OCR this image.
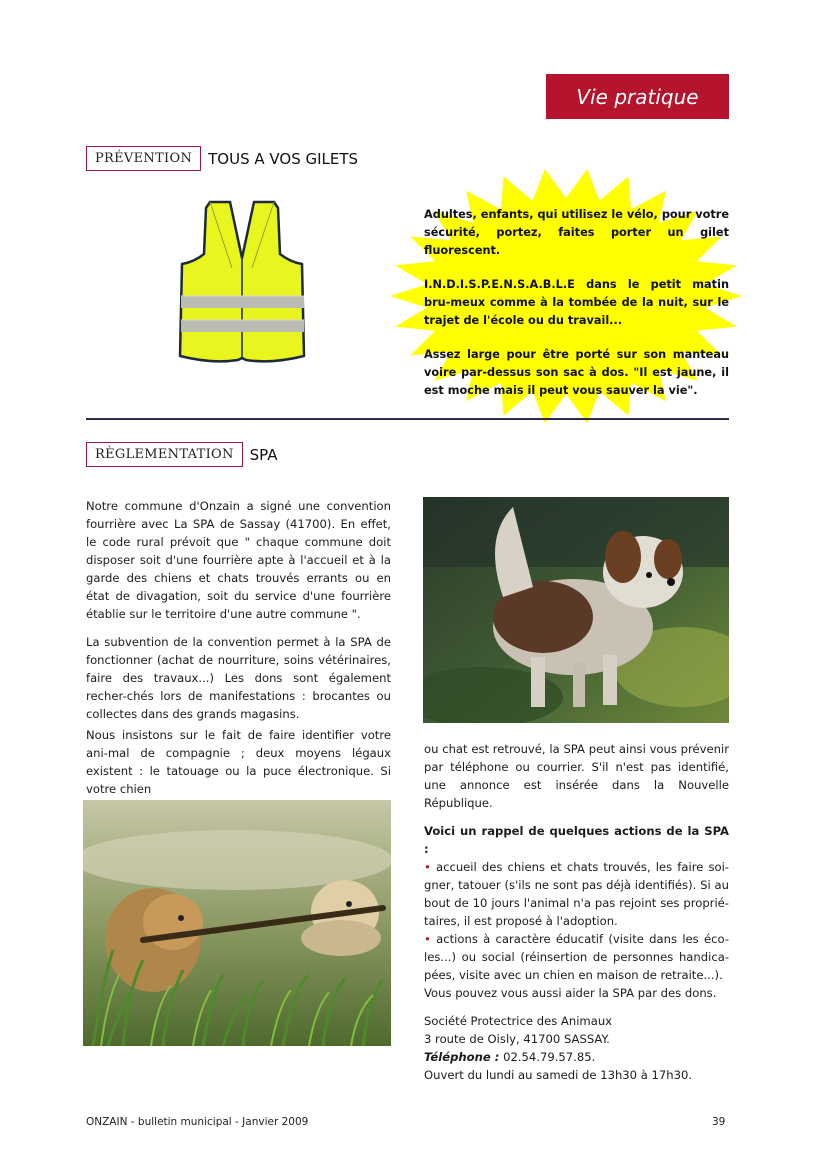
Vie pratique
PRÉVENTION	TOUS A VOS GILETS

Adultes, enfants, qui utilisez le vélo, pour votre sécurité, portez, faites porter un gilet fluorescent.

I.N.D.I.S.P.E.N.S.A.B.L.E dans le petit matin bru-meux comme à la tombée de la nuit, sur le trajet de l'école ou du travail...

Assez large pour être porté sur son manteau voire par-dessus son sac à dos. "Il est jaune, il est moche mais il peut vous sauver la vie".

RÈGLEMENTATION	SPA

Notre commune d'Onzain a signé une convention fourrière avec La SPA de Sassay (41700). En effet, le code rural prévoit que " chaque commune doit disposer soit d'une fourrière apte à l'accueil et à la garde des chiens et chats trouvés errants ou en état de divagation, soit du service d'une fourrière établie sur le territoire d'une autre commune ".

La subvention de la convention permet à la SPA de fonctionner (achat de nourriture, soins vétérinaires, faire des travaux...) Les dons sont également recher-chés lors de manifestations : brocantes ou collectes dans des grands magasins.

Nous insistons sur le fait de faire identifier votre ani-mal de compagnie ; deux moyens légaux existent : le tatouage ou la puce électronique. Si votre chien

ou chat est retrouvé, la SPA peut ainsi vous prévenir par téléphone ou courrier. S'il n'est pas identifié, une annonce est insérée dans la Nouvelle République.

Voici un rappel de quelques actions de la SPA :
• accueil des chiens et chats trouvés, les faire soi-gner, tatouer (s'ils ne sont pas déjà identifiés). Si au bout de 10 jours l'animal n'a pas rejoint ses proprié-taires, il est proposé à l'adoption.
• actions à caractère éducatif (visite dans les éco-les...) ou social (réinsertion de personnes handica-pées, visite avec un chien en maison de retraite...).

Vous pouvez vous aussi aider la SPA par des dons.

Société Protectrice des Animaux
3 route de Oisly, 41700 SASSAY.
Téléphone : 02.54.79.57.85.
Ouvert du lundi au samedi de 13h30 à 17h30.
ONZAIN - bulletin municipal - Janvier 2009	39
